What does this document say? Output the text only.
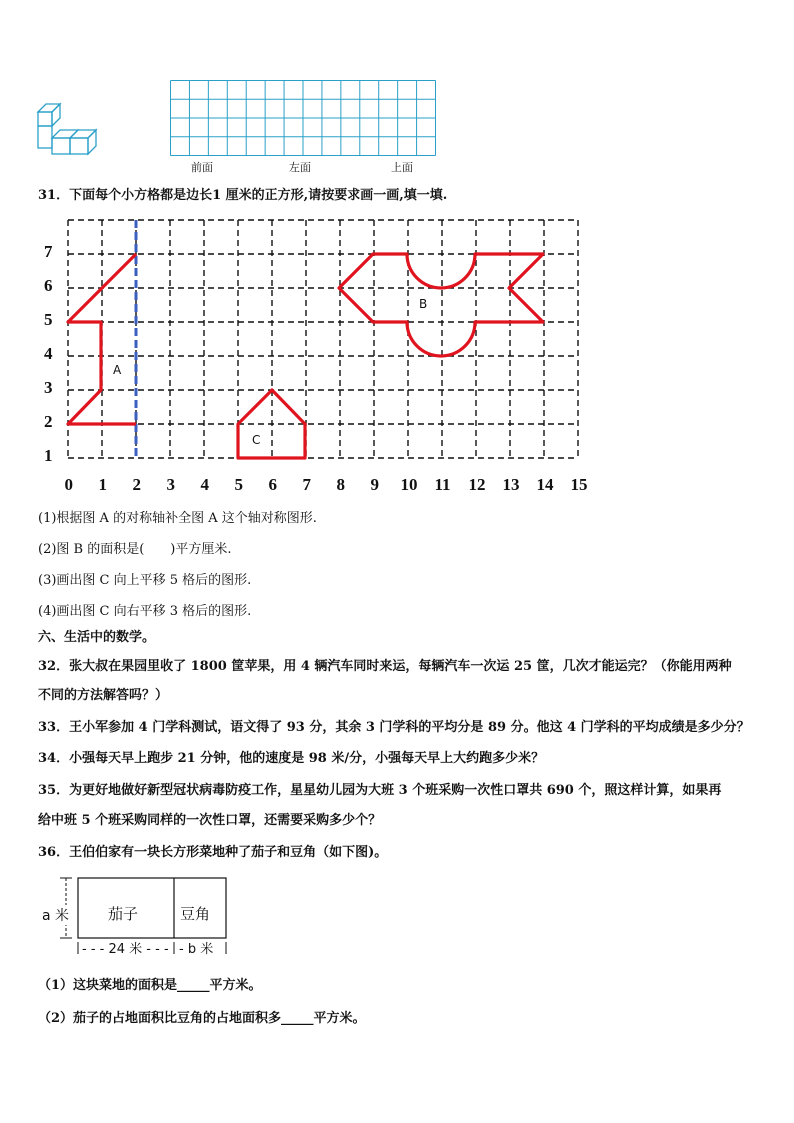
前面	左面	上面
31．下面每个小方格都是边长1 厘米的正方形,请按要求画一画,填一填.
A
B
C
1
2
3
4
5
6
7
0 1 2 3 4 5 6 7 8 9 10 11 12 13 14 15
(1)根据图 A 的对称轴补全图 A 这个轴对称图形.
(2)图 B 的面积是(　　)平方厘米.
(3)画出图 C 向上平移 5 格后的图形.
(4)画出图 C 向右平移 3 格后的图形.
六、生活中的数学。
32．张大叔在果园里收了 1800 筐苹果，用 4 辆汽车同时来运，每辆汽车一次运 25 筐，几次才能运完？（你能用两种
不同的方法解答吗？）
33．王小军参加 4 门学科测试，语文得了 93 分，其余 3 门学科的平均分是 89 分。他这 4 门学科的平均成绩是多少分？
34．小强每天早上跑步 21 分钟，他的速度是 98 米/分，小强每天早上大约跑多少米？
35．为更好地做好新型冠状病毒防疫工作，星星幼儿园为大班 3 个班采购一次性口罩共 690 个，照这样计算，如果再
给中班 5 个班采购同样的一次性口罩，还需要采购多少个？
36．王伯伯家有一块长方形菜地种了茄子和豆角（如下图)。
茄子	豆角
a 米
- - - 24 米 - - - - b 米
（1）这块菜地的面积是_____平方米。
（2）茄子的占地面积比豆角的占地面积多_____平方米。
